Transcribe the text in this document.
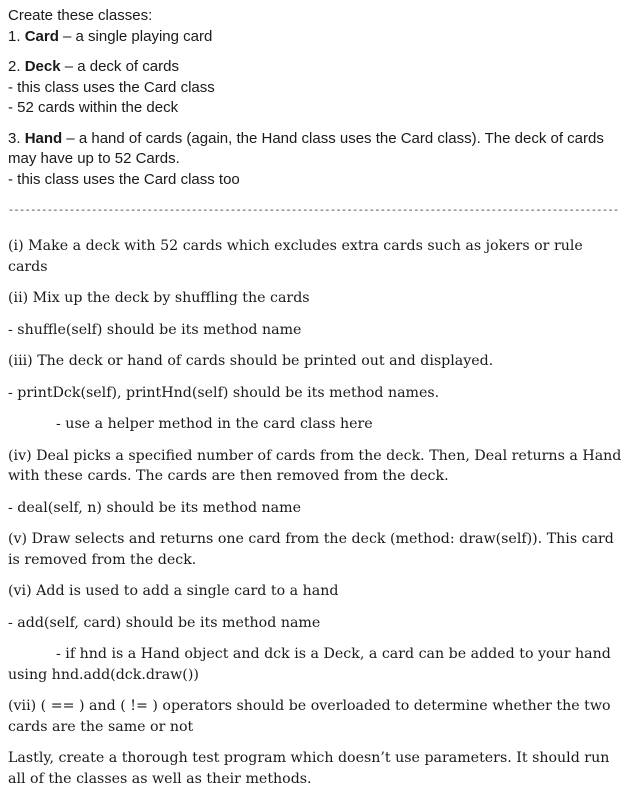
Create these classes:

1. Card – a single playing card

2. Deck – a deck of cards

- this class uses the Card class

- 52 cards within the deck

3. Hand – a hand of cards (again, the Hand class uses the Card class). The deck of cards may have up to 52 Cards.

- this class uses the Card class too

--------------------------------------------------------------------------------------------------------------

(i) Make a deck with 52 cards which excludes extra cards such as jokers or rule cards

(ii) Mix up the deck by shuffling the cards

- shuffle(self) should be its method name

(iii) The deck or hand of cards should be printed out and displayed.

- printDck(self), printHnd(self) should be its method names.

- use a helper method in the card class here

(iv) Deal picks a specified number of cards from the deck. Then, Deal returns a Hand with these cards. The cards are then removed from the deck.

- deal(self, n) should be its method name

(v) Draw selects and returns one card from the deck (method: draw(self)). This card is removed from the deck.

(vi) Add is used to add a single card to a hand

- add(self, card) should be its method name

- if hnd is a Hand object and dck is a Deck, a card can be added to your hand using hnd.add(dck.draw())

(vii) ( == ) and ( != ) operators should be overloaded to determine whether the two cards are the same or not

Lastly, create a thorough test program which doesn’t use parameters. It should run all of the classes as well as their methods.
